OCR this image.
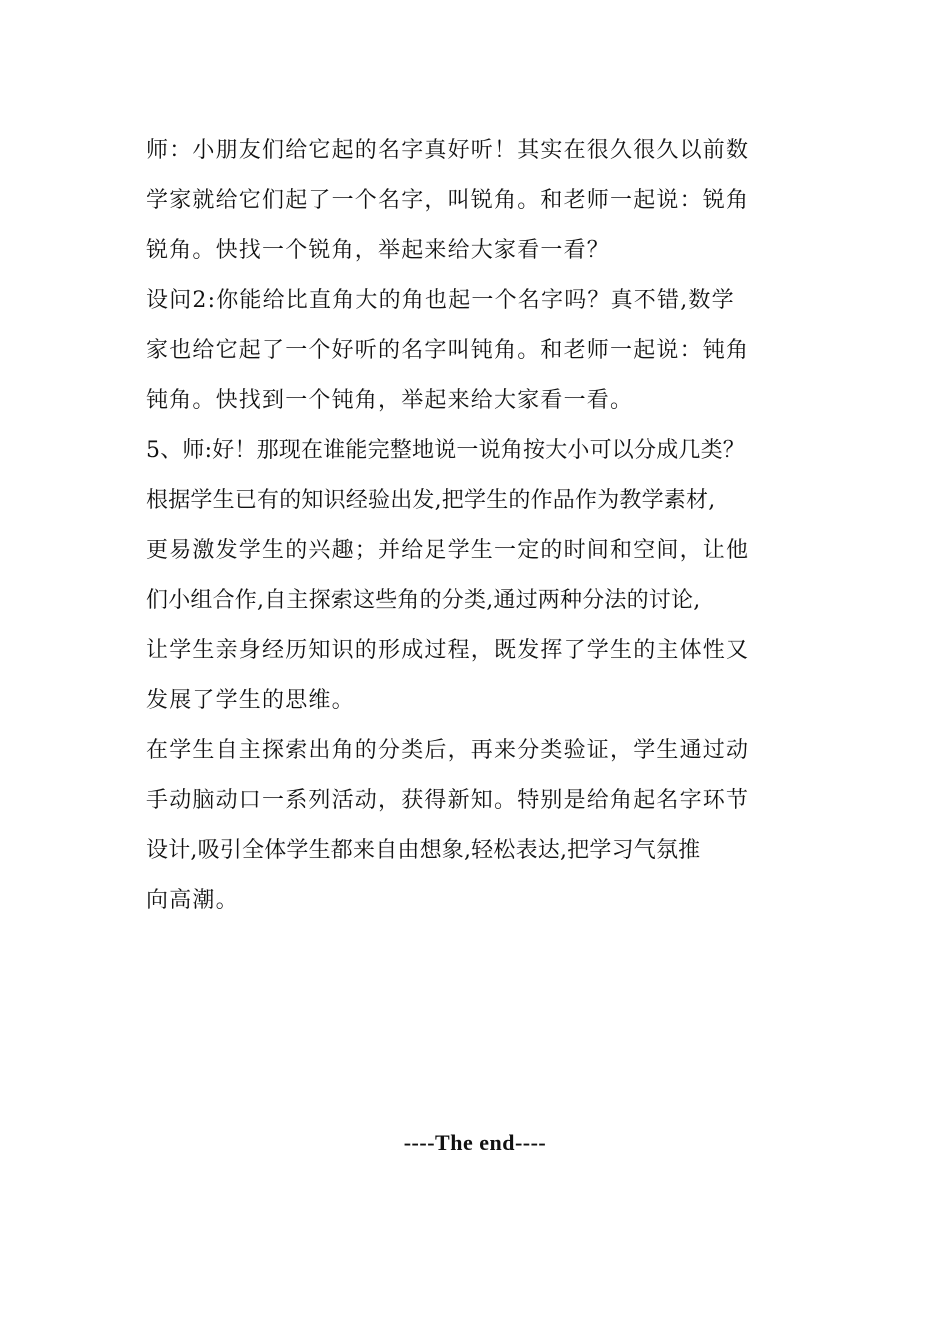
师：小朋友们给它起的名字真好听！其实在很久很久以前数
学家就给它们起了一个名字，叫锐角。和老师一起说：锐角
锐角。快找一个锐角，举起来给大家看一看？
设问2:你能给比直角大的角也起一个名字吗？真不错,数学
家也给它起了一个好听的名字叫钝角。和老师一起说：钝角
钝角。快找到一个钝角，举起来给大家看一看。
5、师:好！那现在谁能完整地说一说角按大小可以分成几类？
根据学生已有的知识经验出发,把学生的作品作为教学素材,
更易激发学生的兴趣；并给足学生一定的时间和空间，让他
们小组合作,自主探索这些角的分类,通过两种分法的讨论,
让学生亲身经历知识的形成过程，既发挥了学生的主体性又
发展了学生的思维。
在学生自主探索出角的分类后，再来分类验证，学生通过动
手动脑动口一系列活动，获得新知。特别是给角起名字环节
设计,吸引全体学生都来自由想象,轻松表达,把学习气氛推
向高潮。
----The end----
